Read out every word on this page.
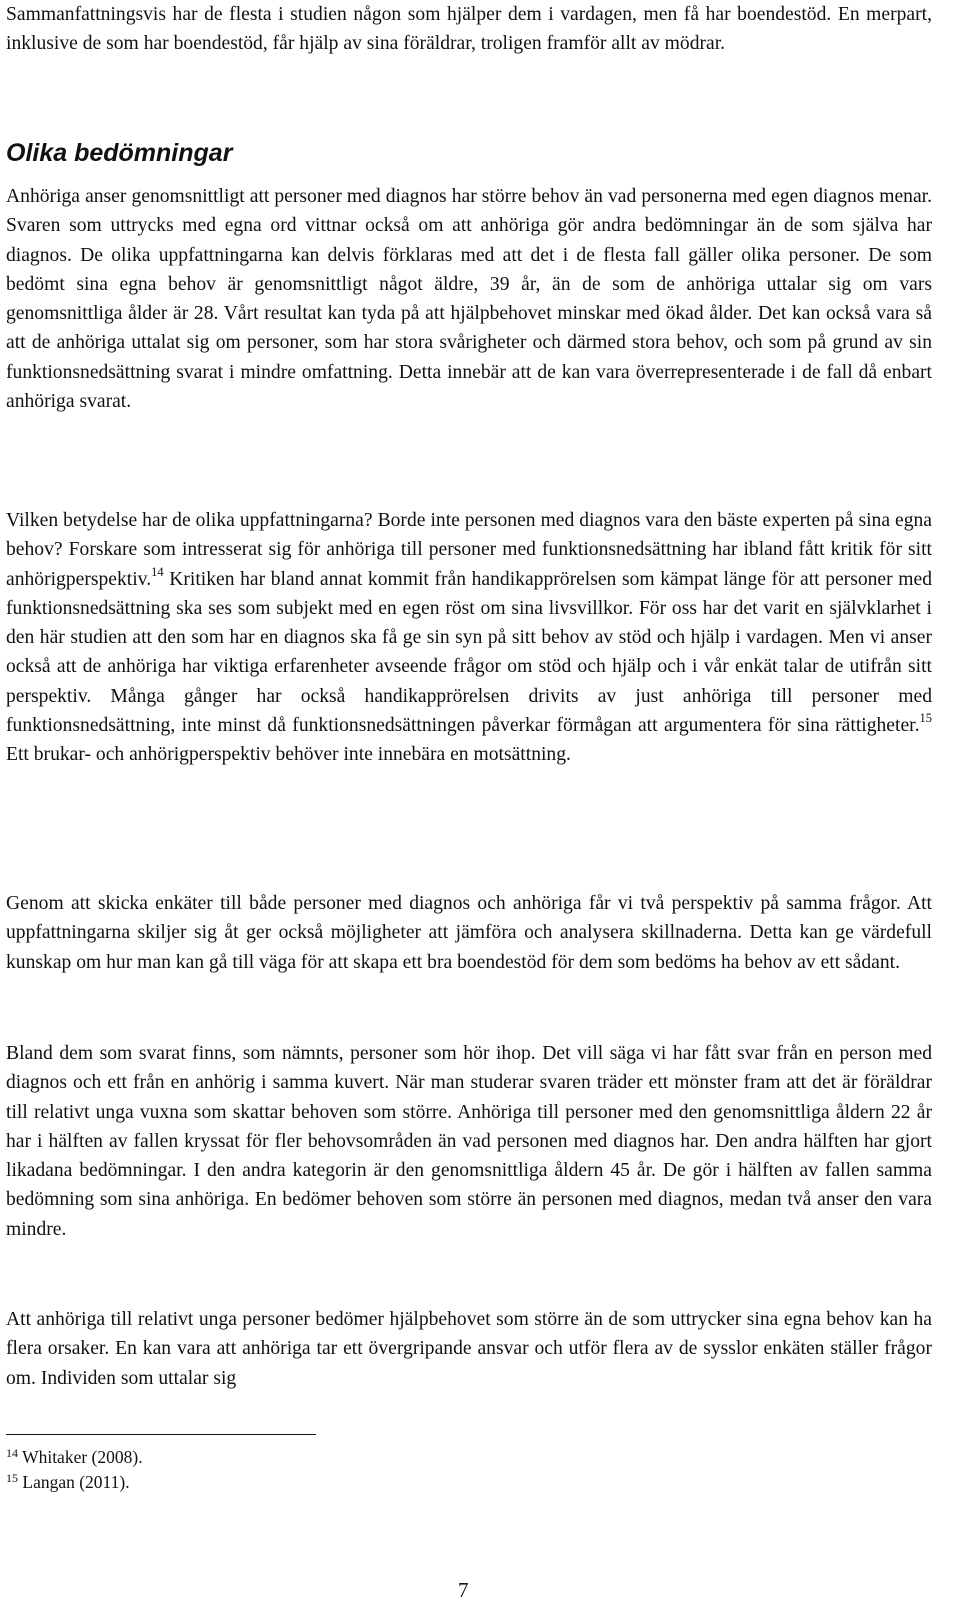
Sammanfattningsvis har de flesta i studien någon som hjälper dem i vardagen, men få har boendestöd. En merpart, inklusive de som har boendestöd, får hjälp av sina föräldrar, troligen framför allt av mödrar.

Olika bedömningar

Anhöriga anser genomsnittligt att personer med diagnos har större behov än vad personerna med egen diagnos menar. Svaren som uttrycks med egna ord vittnar också om att anhöriga gör andra bedömningar än de som själva har diagnos. De olika uppfattningarna kan delvis förklaras med att det i de flesta fall gäller olika personer. De som bedömt sina egna behov är genomsnittligt något äldre, 39 år, än de som de anhöriga uttalar sig om vars genomsnittliga ålder är 28. Vårt resultat kan tyda på att hjälpbehovet minskar med ökad ålder. Det kan också vara så att de anhöriga uttalat sig om personer, som har stora svårigheter och därmed stora behov, och som på grund av sin funktionsnedsättning svarat i mindre omfattning. Detta innebär att de kan vara överrepresenterade i de fall då enbart anhöriga svarat.

Vilken betydelse har de olika uppfattningarna? Borde inte personen med diagnos vara den bäste experten på sina egna behov? Forskare som intresserat sig för anhöriga till personer med funktionsnedsättning har ibland fått kritik för sitt anhörigperspektiv.$^{14}$ Kritiken har bland annat kommit från handikapprörelsen som kämpat länge för att personer med funktionsnedsättning ska ses som subjekt med en egen röst om sina livsvillkor. För oss har det varit en självklarhet i den här studien att den som har en diagnos ska få ge sin syn på sitt behov av stöd och hjälp i vardagen. Men vi anser också att de anhöriga har viktiga erfarenheter avseende frågor om stöd och hjälp och i vår enkät talar de utifrån sitt perspektiv. Många gånger har också handikapprörelsen drivits av just anhöriga till personer med funktionsnedsättning, inte minst då funktionsnedsättningen påverkar förmågan att argumentera för sina rättigheter.$^{15}$ Ett brukar- och anhörigperspektiv behöver inte innebära en motsättning.

Genom att skicka enkäter till både personer med diagnos och anhöriga får vi två perspektiv på samma frågor. Att uppfattningarna skiljer sig åt ger också möjligheter att jämföra och analysera skillnaderna. Detta kan ge värdefull kunskap om hur man kan gå till väga för att skapa ett bra boendestöd för dem som bedöms ha behov av ett sådant.

Bland dem som svarat finns, som nämnts, personer som hör ihop. Det vill säga vi har fått svar från en person med diagnos och ett från en anhörig i samma kuvert. När man studerar svaren träder ett mönster fram att det är föräldrar till relativt unga vuxna som skattar behoven som större. Anhöriga till personer med den genomsnittliga åldern 22 år har i hälften av fallen kryssat för fler behovsområden än vad personen med diagnos har. Den andra hälften har gjort likadana bedömningar. I den andra kategorin är den genomsnittliga åldern 45 år. De gör i hälften av fallen samma bedömning som sina anhöriga. En bedömer behoven som större än personen med diagnos, medan två anser den vara mindre.

Att anhöriga till relativt unga personer bedömer hjälpbehovet som större än de som uttrycker sina egna behov kan ha flera orsaker. En kan vara att anhöriga tar ett övergripande ansvar och utför flera av de sysslor enkäten ställer frågor om. Individen som uttalar sig

$^{14}$ Whitaker (2008).

$^{15}$ Langan (2011).

7
